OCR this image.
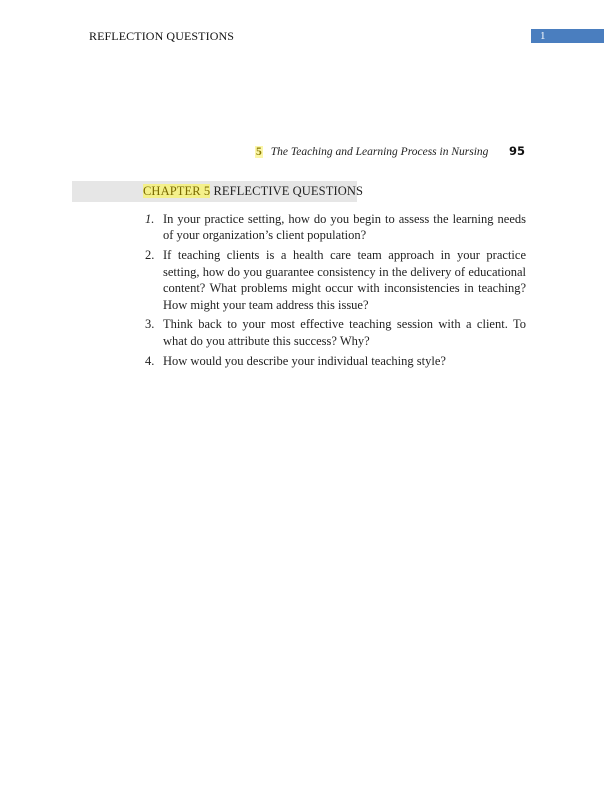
REFLECTION QUESTIONS	1
5 The Teaching and Learning Process in Nursing	95
CHAPTER 5 REFLECTIVE QUESTIONS
1. In your practice setting, how do you begin to assess the learning needs of your organization’s client population?
2. If teaching clients is a health care team approach in your practice setting, how do you guarantee consistency in the delivery of educational content? What problems might occur with inconsistencies in teaching? How might your team address this issue?
3. Think back to your most effective teaching session with a client. To what do you attribute this success? Why?
4. How would you describe your individual teaching style?
